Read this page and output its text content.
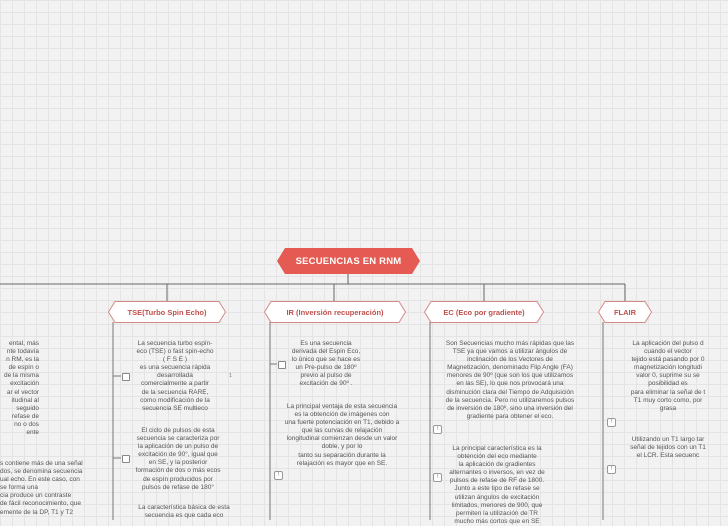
SECUENCIAS EN RNM
TSE(Turbo Spin Echo)	IR (Inversión recuperación)	EC (Eco por gradiente)	FLAIR
ental, más
nte todavía
n RM, es la
de espín o
de la misma
excitación
ar el vector
itudinal al
seguido
refase de
no o dos
ente
s contiene más de una señal
dos, se denomina secuencia
ual echo. En este caso, con
se forma una
cia produce un contraste
de fácil reconocimiento, que
emente de la DP, T1 y T2
La secuencia turbo espín-
eco (TSE) o fast spin-echo
( F S E )
es una secuencia rápida
desarrollada
comercialmente a partir
de la secuencia RARE,
como modificación de la
secuencia SE multieco
1
El ciclo de pulsos de esta
secuencia se caracteriza por
la aplicación de un pulso de
excitación de 90°, igual que
en SE, y la posterior
formación de dos o más ecos
de espín producidos por
pulsos de refase de 180°
La característica básica de esta
secuencia es que cada eco
Es una secuencia
derivada del Espin Eco,
lo único que se hace es
un Pre-pulso de 180º
previo al pulso de
excitación de 90º .
La principal ventaja de esta secuencia
es la obtención de imágenes con
una fuerte potenciación en T1, debido a
que las curvas de relajación
longitudinal comienzan desde un valor
doble, y por lo
tanto su separación durante la
relajación es mayor que en SE.
!
Son Secuencias mucho más rápidas que las
TSE ya que vamos a utilizar ángulos de
inclinación de los Vectores de
Magnetización, denominado Flip Angle (FA)
menores de 90º (que son los que utilizamos
en las SE), lo que nos provocará una
disminución clara del Tiempo de Adquisición
de la secuencia. Pero no utilizaremos pulsos
de inversión de 180º, sino una inversión del
gradiente para obtener el eco.
!
La principal característica es la
obtención del eco mediante
la aplicación de gradientes
alternantes o inversos, en vez de
pulsos de refase de RF de 1800.
Junto a este tipo de refase se
utilizan ángulos de excitación
limitados, menores de 900, que
permiten la utilización de TR
mucho más cortos que en SE
!
La aplicación del pulso d
cuando el vector
tejido está pasando por 0
magnetización longitudi
valor 0, suprime su se
posibilidad es
para eliminar la señal de t
T1 muy corto como, por
grasa
!
Utilizando un T1 largo tar
señal de tejidos con un T1
el LCR. Esta secuenc
!
